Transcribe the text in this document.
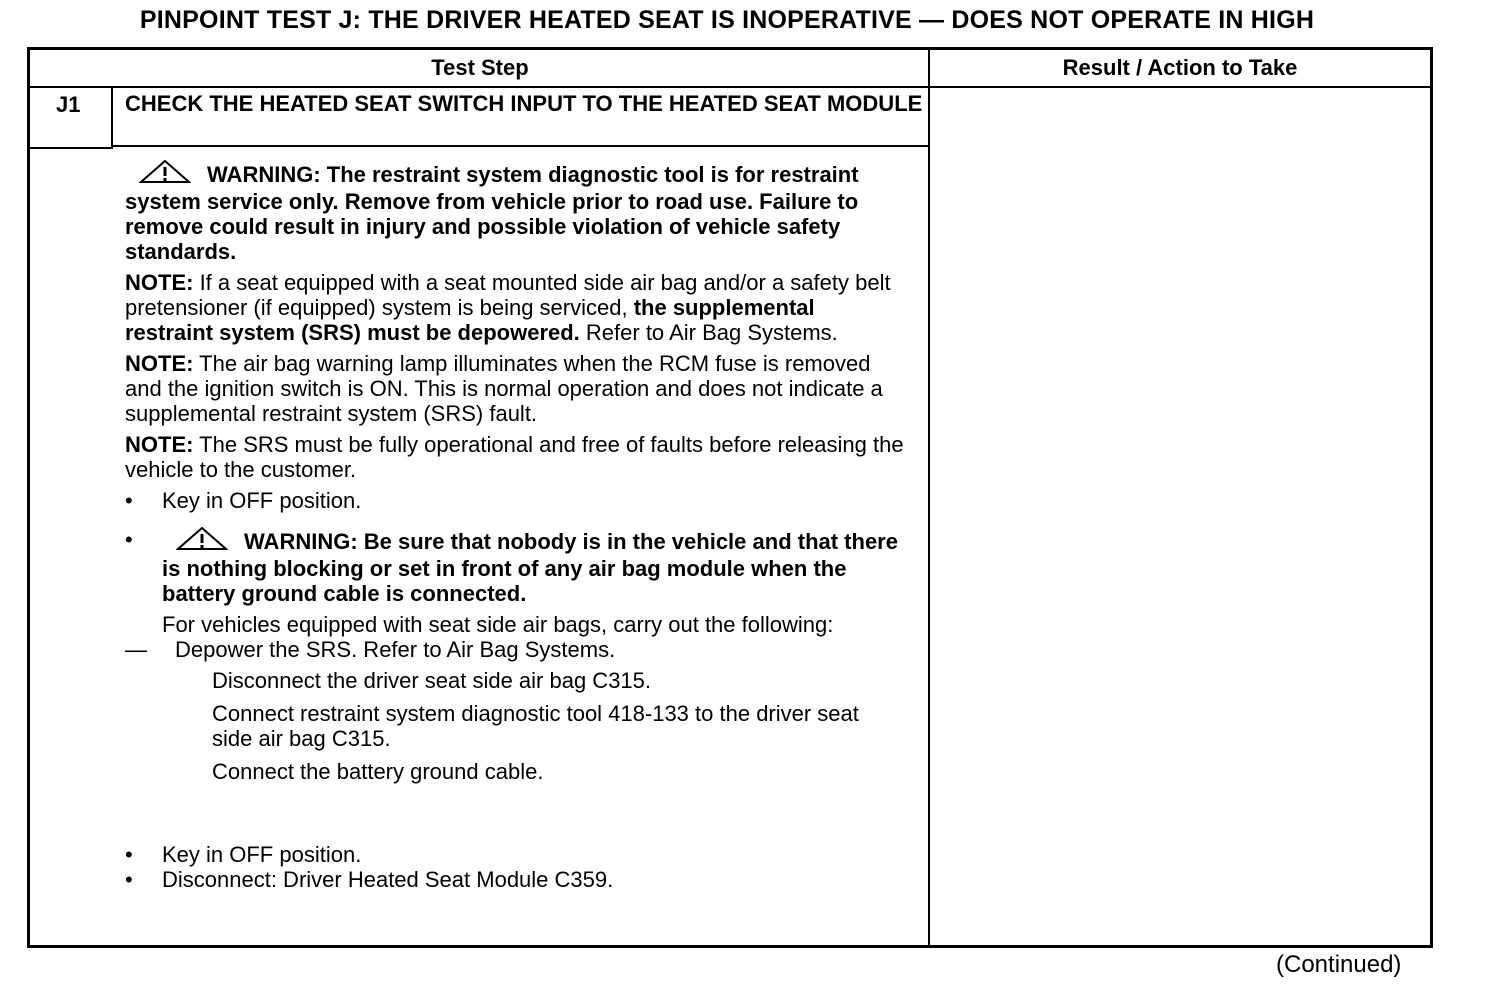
PINPOINT TEST J: THE DRIVER HEATED SEAT IS INOPERATIVE — DOES NOT OPERATE IN HIGH
Test Step	Result / Action to Take
J1	CHECK THE HEATED SEAT SWITCH INPUT TO THE HEATED SEAT MODULE
WARNING: The restraint system diagnostic tool is for restraint system service only. Remove from vehicle prior to road use. Failure to remove could result in injury and possible violation of vehicle safety standards.
NOTE: If a seat equipped with a seat mounted side air bag and/or a safety belt pretensioner (if equipped) system is being serviced, the supplemental restraint system (SRS) must be depowered. Refer to Air Bag Systems.
NOTE: The air bag warning lamp illuminates when the RCM fuse is removed and the ignition switch is ON. This is normal operation and does not indicate a supplemental restraint system (SRS) fault.
NOTE: The SRS must be fully operational and free of faults before releasing the vehicle to the customer.
• Key in OFF position.
•	WARNING: Be sure that nobody is in the vehicle and that there is nothing blocking or set in front of any air bag module when the battery ground cable is connected.
For vehicles equipped with seat side air bags, carry out the following:
— Depower the SRS. Refer to Air Bag Systems.
Disconnect the driver seat side air bag C315.
Connect restraint system diagnostic tool 418-133 to the driver seat side air bag C315.
Connect the battery ground cable.
• Key in OFF position.
• Disconnect: Driver Heated Seat Module C359.
(Continued)
